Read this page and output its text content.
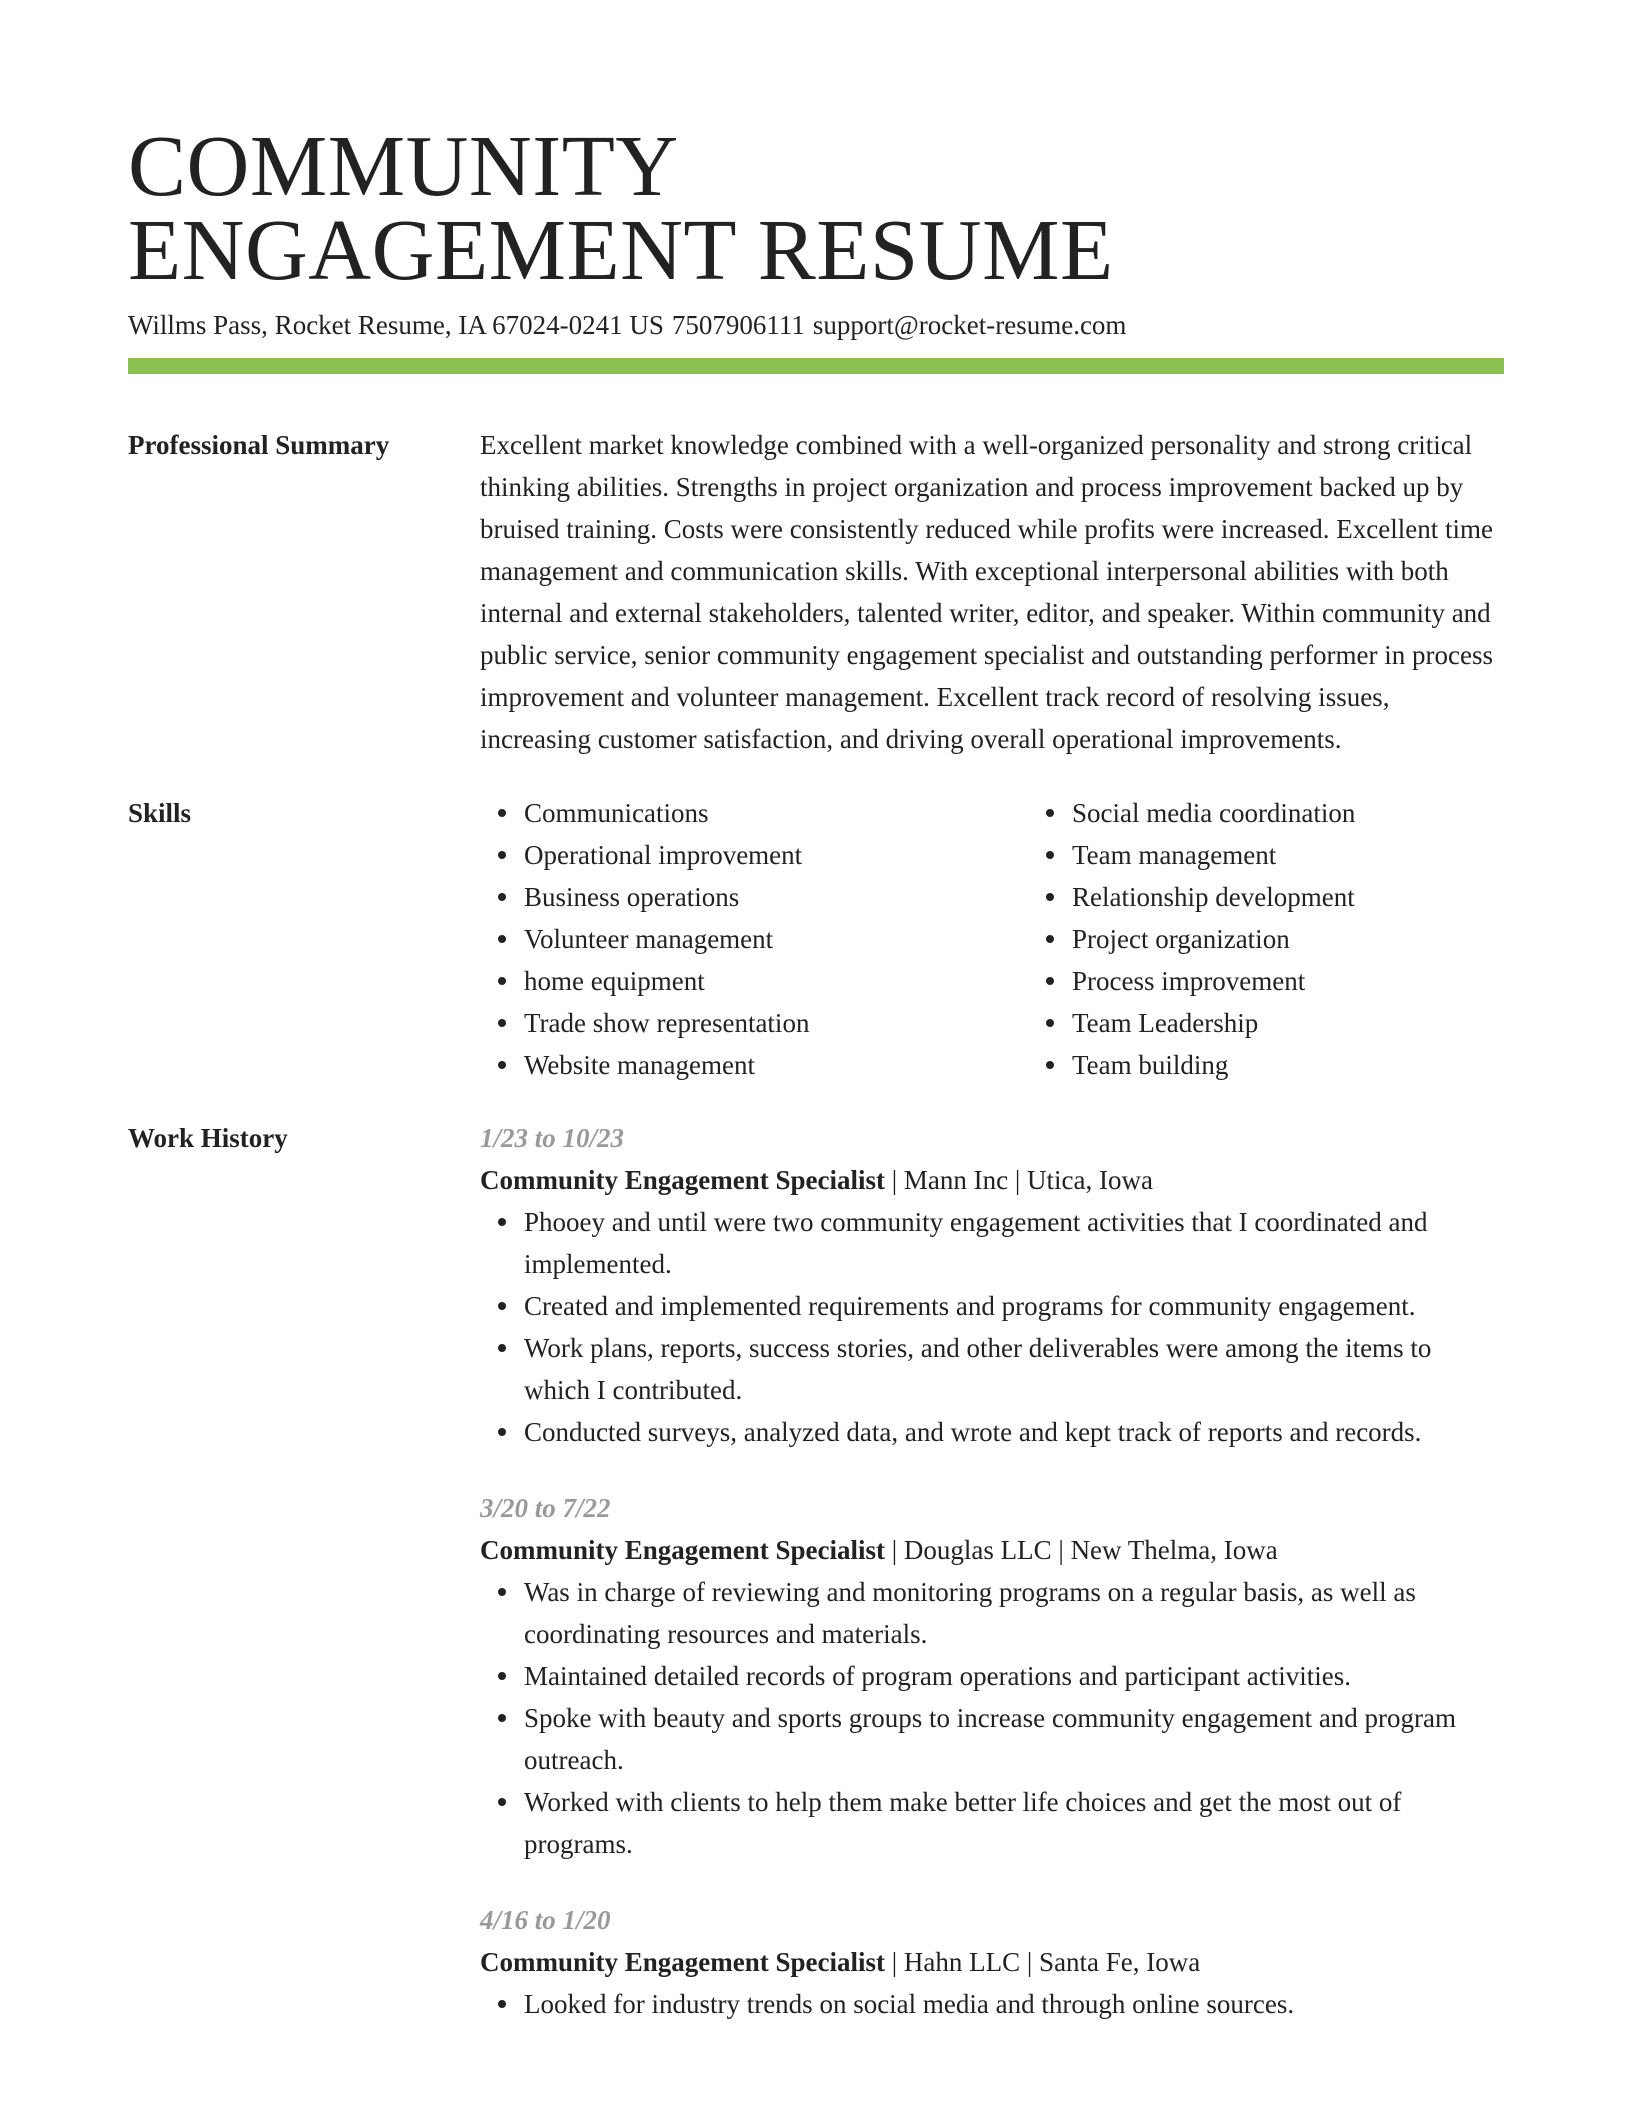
COMMUNITY
ENGAGEMENT RESUME
Willms Pass, Rocket Resume, IA 67024-0241 US 7507906111 support@rocket-resume.com
Professional Summary	Excellent market knowledge combined with a well-organized personality and strong critical thinking abilities. Strengths in project organization and process improvement backed up by bruised training. Costs were consistently reduced while profits were increased. Excellent time management and communication skills. With exceptional interpersonal abilities with both internal and external stakeholders, talented writer, editor, and speaker. Within community and public service, senior community engagement specialist and outstanding performer in process improvement and volunteer management. Excellent track record of resolving issues, increasing customer satisfaction, and driving overall operational improvements.

Skills	Communications
Operational improvement
Business operations
Volunteer management
home equipment
Trade show representation
Website management
Social media coordination
Team management
Relationship development
Project organization
Process improvement
Team Leadership
Team building
Work History	1/23 to 10/23
Community Engagement Specialist | Mann Inc | Utica, Iowa
Phooey and until were two community engagement activities that I coordinated and implemented.
Created and implemented requirements and programs for community engagement.
Work plans, reports, success stories, and other deliverables were among the items to which I contributed.
Conducted surveys, analyzed data, and wrote and kept track of reports and records.
3/20 to 7/22
Community Engagement Specialist | Douglas LLC | New Thelma, Iowa
Was in charge of reviewing and monitoring programs on a regular basis, as well as coordinating resources and materials.
Maintained detailed records of program operations and participant activities.
Spoke with beauty and sports groups to increase community engagement and program outreach.
Worked with clients to help them make better life choices and get the most out of programs.
4/16 to 1/20
Community Engagement Specialist | Hahn LLC | Santa Fe, Iowa
Looked for industry trends on social media and through online sources.
